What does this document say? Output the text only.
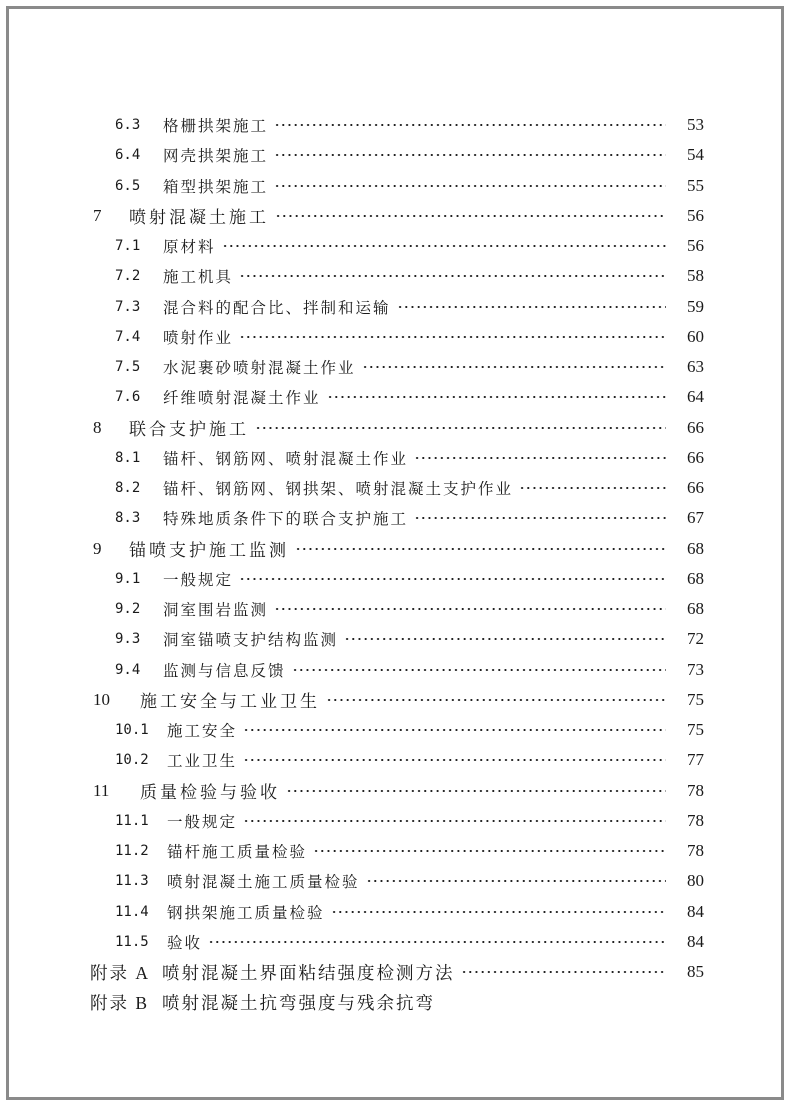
6.3	格栅拱架施工	53
6.4	网壳拱架施工	54
6.5	箱型拱架施工	55
7	喷射混凝土施工	56
7.1	原材料	56
7.2	施工机具	58
7.3	混合料的配合比、拌制和运输	59
7.4	喷射作业	60
7.5	水泥裹砂喷射混凝土作业	63
7.6	纤维喷射混凝土作业	64
8	联合支护施工	66
8.1	锚杆、钢筋网、喷射混凝土作业	66
8.2	锚杆、钢筋网、钢拱架、喷射混凝土支护作业	66
8.3	特殊地质条件下的联合支护施工	67
9	锚喷支护施工监测	68
9.1	一般规定	68
9.2	洞室围岩监测	68
9.3	洞室锚喷支护结构监测	72
9.4	监测与信息反馈	73
10	施工安全与工业卫生	75
10.1	施工安全	75
10.2	工业卫生	77
11	质量检验与验收	78
11.1	一般规定	78
11.2	锚杆施工质量检验	78
11.3	喷射混凝土施工质量检验	80
11.4	钢拱架施工质量检验	84
11.5	验收	84
附录 A 喷射混凝土界面粘结强度检测方法	85
附录 B 喷射混凝土抗弯强度与残余抗弯
